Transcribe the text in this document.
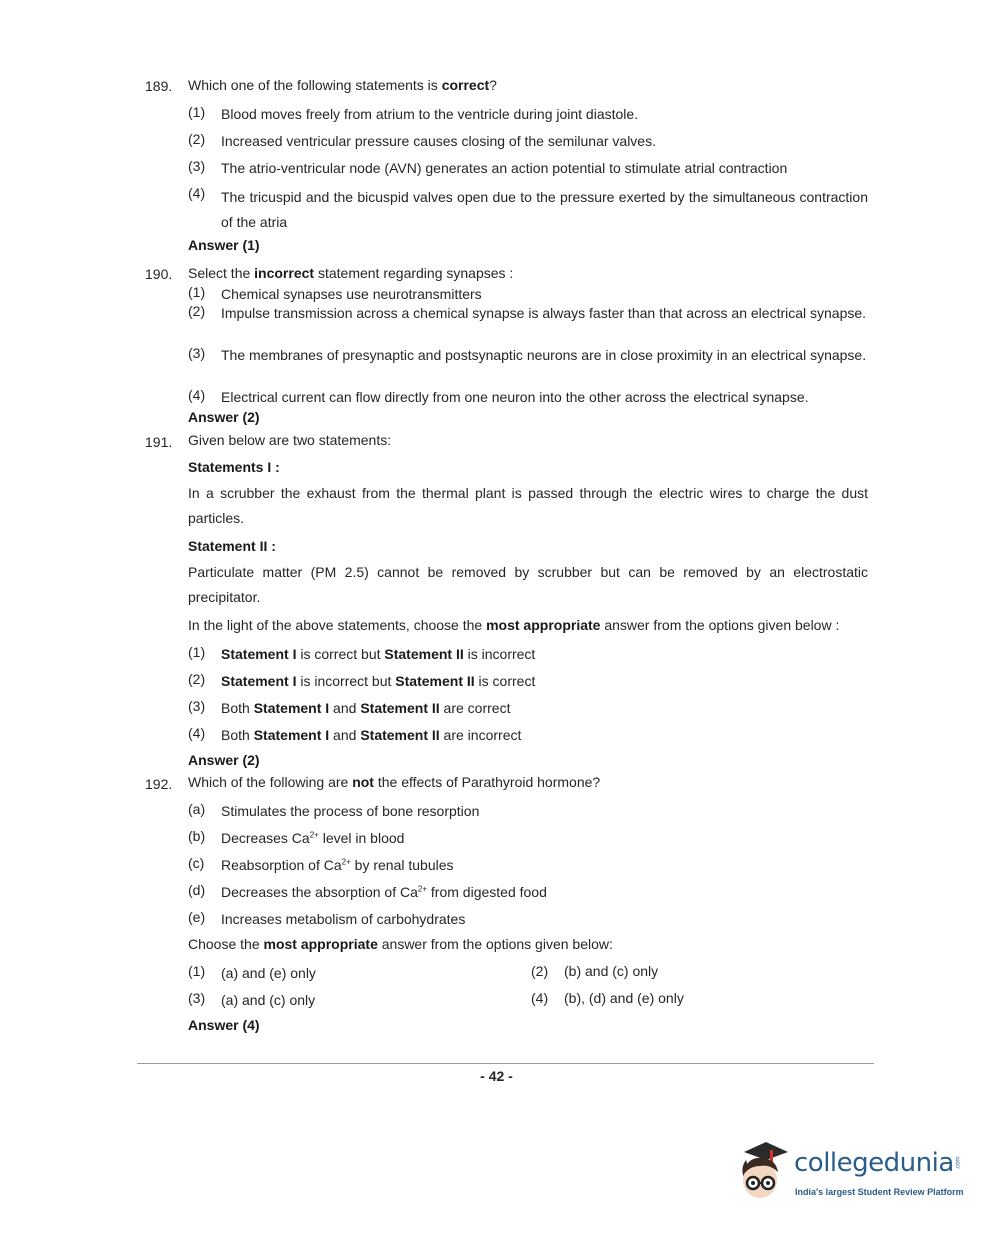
189. Which one of the following statements is correct?
(1) Blood moves freely from atrium to the ventricle during joint diastole.
(2) Increased ventricular pressure causes closing of the semilunar valves.
(3) The atrio-ventricular node (AVN) generates an action potential to stimulate atrial contraction
(4) The tricuspid and the bicuspid valves open due to the pressure exerted by the simultaneous contraction of the atria
Answer (1)
190. Select the incorrect statement regarding synapses :
(1) Chemical synapses use neurotransmitters
(2) Impulse transmission across a chemical synapse is always faster than that across an electrical synapse.
(3) The membranes of presynaptic and postsynaptic neurons are in close proximity in an electrical synapse.
(4) Electrical current can flow directly from one neuron into the other across the electrical synapse.
Answer (2)
191. Given below are two statements:
Statements I :
In a scrubber the exhaust from the thermal plant is passed through the electric wires to charge the dust particles.
Statement II :
Particulate matter (PM 2.5) cannot be removed by scrubber but can be removed by an electrostatic precipitator.
In the light of the above statements, choose the most appropriate answer from the options given below :
(1) Statement I is correct but Statement II is incorrect
(2) Statement I is incorrect but Statement II is correct
(3) Both Statement I and Statement II are correct
(4) Both Statement I and Statement II are incorrect
Answer (2)
192. Which of the following are not the effects of Parathyroid hormone?
(a) Stimulates the process of bone resorption
(b) Decreases $Ca^{2+}$ level in blood
(c) Reabsorption of $Ca^{2+}$ by renal tubules
(d) Decreases the absorption of $Ca^{2+}$ from digested food
(e) Increases metabolism of carbohydrates
Choose the most appropriate answer from the options given below:
(1) (a) and (e) only	(2) (b) and (c) only
(3) (a) and (c) only	(4) (b), (d) and (e) only
Answer (4)
- 42 -
collegedunia .com
India's largest Student Review Platform
